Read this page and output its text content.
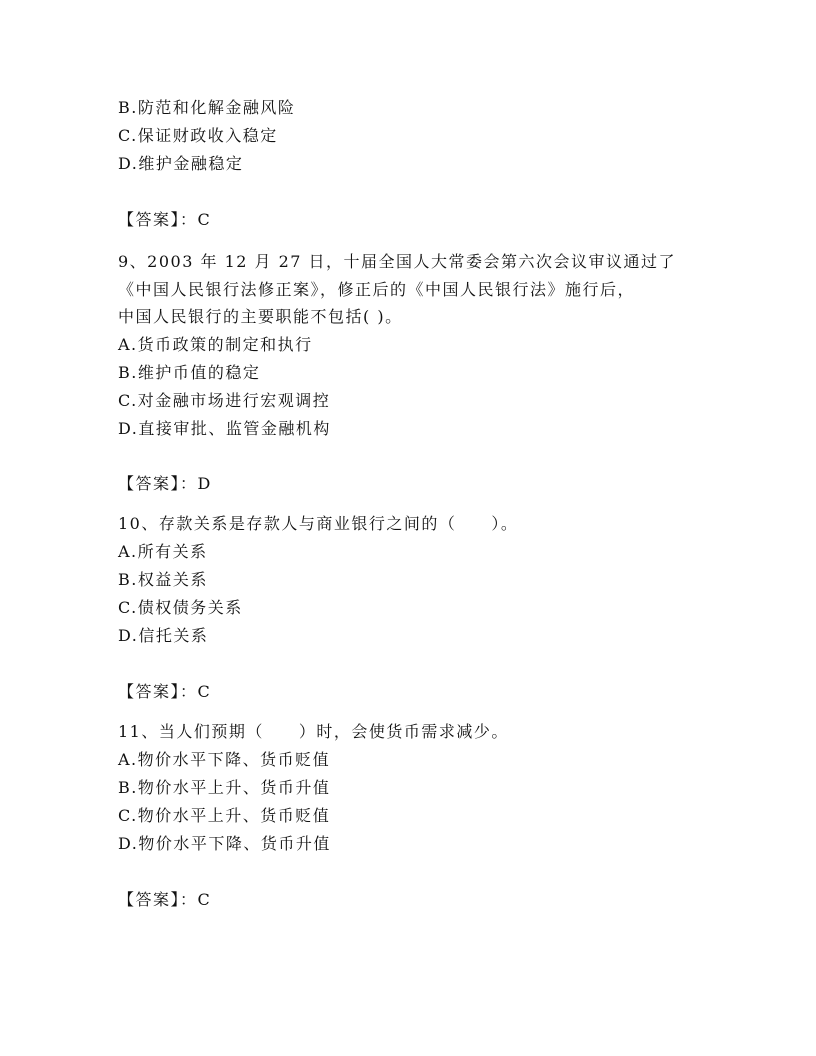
B.防范和化解金融风险
C.保证财政收入稳定
D.维护金融稳定
【答案】：C
9、2003 年 12 月 27 日，十届全国人大常委会第六次会议审议通过了
《中国人民银行法修正案》，修正后的《中国人民银行法》施行后，
中国人民银行的主要职能不包括( )。
A.货币政策的制定和执行
B.维护币值的稳定
C.对金融市场进行宏观调控
D.直接审批、监管金融机构
【答案】：D
10、存款关系是存款人与商业银行之间的（　　）。
A.所有关系
B.权益关系
C.债权债务关系
D.信托关系
【答案】：C
11、当人们预期（　　）时，会使货币需求减少。
A.物价水平下降、货币贬值
B.物价水平上升、货币升值
C.物价水平上升、货币贬值
D.物价水平下降、货币升值
【答案】：C
